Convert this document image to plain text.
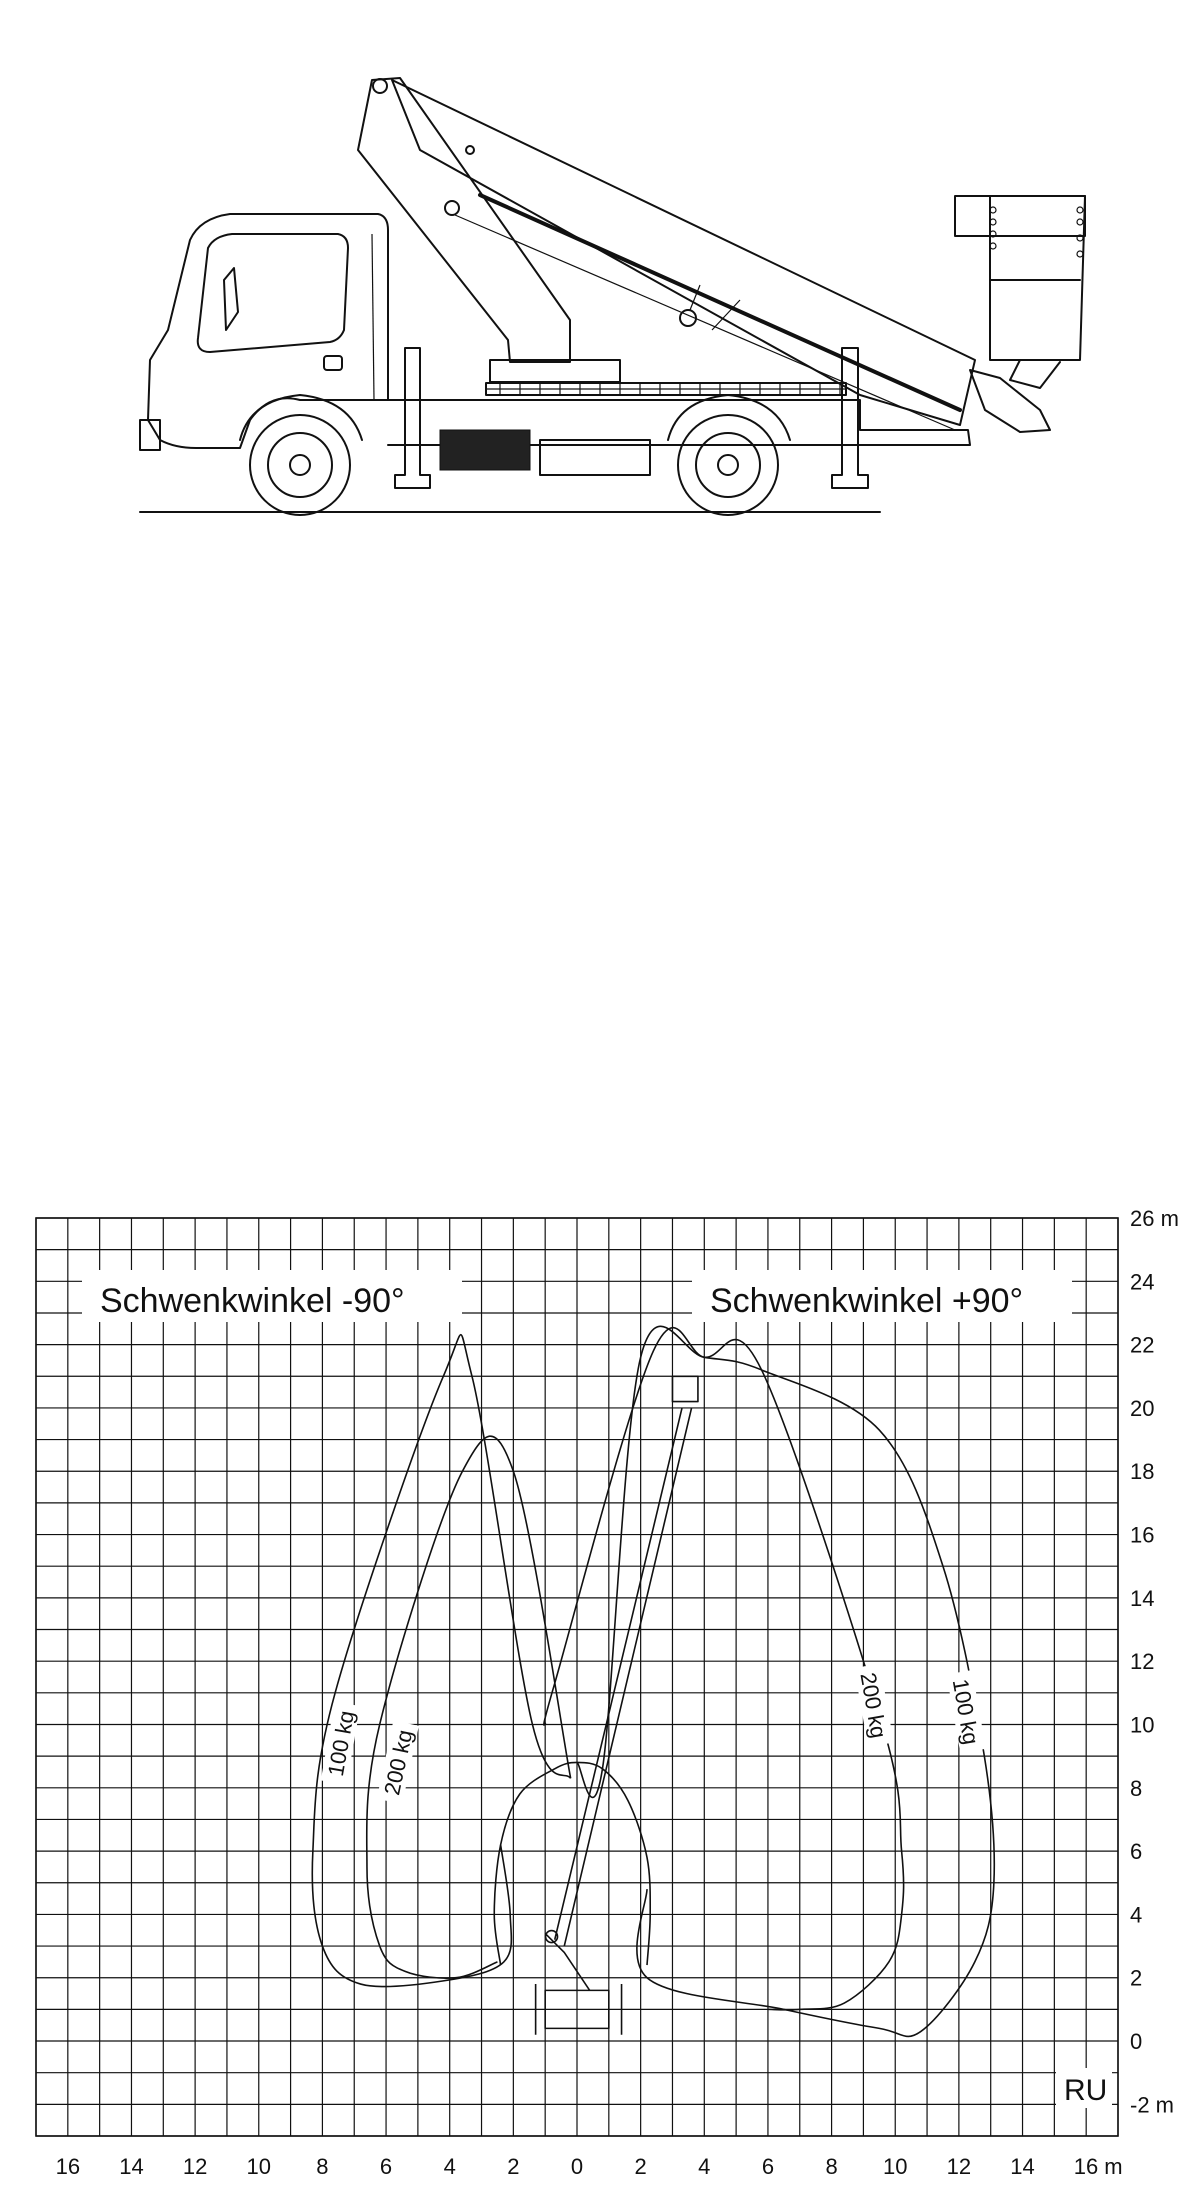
16 14 12 10 8 6 4 2 0 2 4 6 8 10 12 14 16 m
-2 m
0
2
4
6
8
10
12
14
16
18
20
22
24
26 m
Schwenkwinkel -90°	Schwenkwinkel +90°
RU
100 kg 200 kg
200 kg	100 kg
